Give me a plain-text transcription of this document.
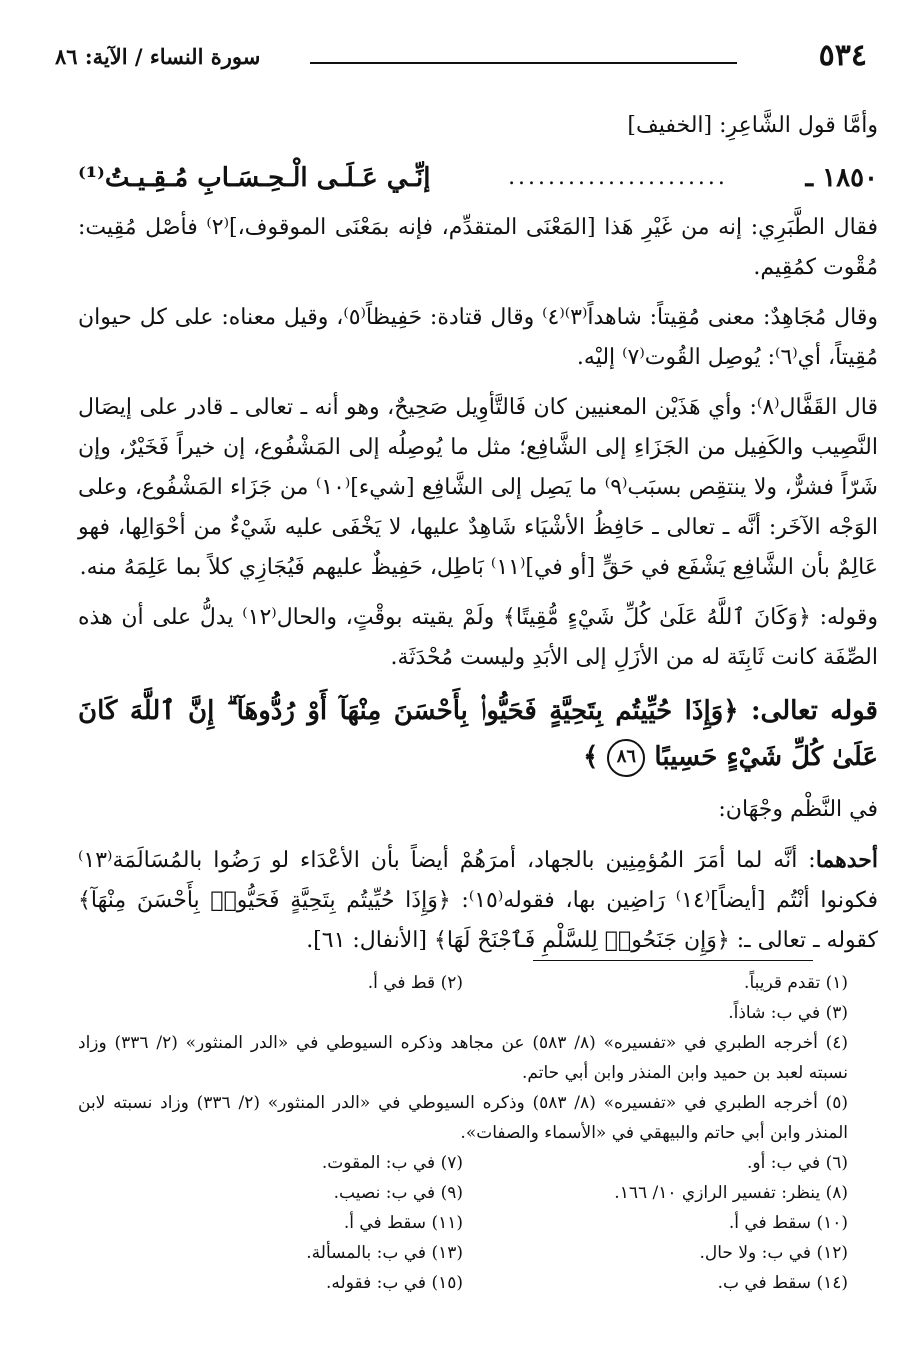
٥٣٤
سورة النساء / الآية: ٨٦

وأمَّا قول الشَّاعِرِ: [الخفيف]

١٨٥٠ ـ
......................
إنِّـي عَـلَـى الْـحِـسَـابِ مُـقِـيـتُ⁽¹⁾

فقال الطَّبَرِي: إنه من غَيْرِ هَذا [المَعْنَى المتقدِّم، فإنه بمَعْنَى الموقوف،]⁽٢⁾ فأصْل مُقِيت: مُقْوت كمُقِيم.

وقال مُجَاهِدٌ: معنى مُقِيتاً: شاهداً⁽٣⁾⁽٤⁾ وقال قتادة: حَفِيظاً⁽٥⁾، وقيل معناه: على كل حيوان مُقِيتاً، أي⁽٦⁾: يُوصِل القُوت⁽٧⁾ إليْه.

قال القَفَّال⁽٨⁾: وأي هَذَيْن المعنيين كان فَالتَّأوِيل صَحِيحٌ، وهو أنه ـ تعالى ـ قادر على إيصَال النَّصِيب والكَفِيل من الجَزَاءِ إلى الشَّافِع؛ مثل ما يُوصِلُه إلى المَشْفُوع، إن خيراً فَخَيْرٌ، وإن شَرّاً فشرٌّ، ولا ينتقِص بسبَب⁽٩⁾ ما يَصِل إلى الشَّافِع [شيء]⁽١٠⁾ من جَزَاء المَشْفُوع، وعلى الوَجْه الآخَر: أنَّه ـ تعالى ـ حَافِظُ الأشْيَاء شَاهِدٌ عليها، لا يَخْفَى عليه شَيْءٌ من أحْوَالِها، فهو عَالِمٌ بأن الشَّافِع يَشْفَع في حَقٍّ [أو في]⁽١١⁾ بَاطِل، حَفِيظٌ عليهم فَيُجَازِي كلاً بما عَلِمَهُ منه.

وقوله: ﴿وَكَانَ ٱللَّهُ عَلَىٰ كُلِّ شَيْءٍ مُّقِيتًا﴾ ولَمْ يقيته بوقْتٍ، والحال⁽١٢⁾ يدلُّ على أن هذه الصِّفَة كانت ثَابِتَة له من الأزَلِ إلى الأبَدِ وليست مُحْدَثَة.

قوله تعالى: ﴿وَإِذَا حُيِّيتُم بِتَحِيَّةٍ فَحَيُّوا۟ بِأَحْسَنَ مِنْهَآ أَوْ رُدُّوهَآ ۗ إِنَّ ٱللَّهَ كَانَ عَلَىٰ كُلِّ شَيْءٍ حَسِيبًا ٨٦ ﴾

في النَّظْم وجْهَان:

أحدهما: أنَّه لما أمَرَ المُؤمِنِين بالجهاد، أمرَهُمْ أيضاً بأن الأعْدَاء لو رَضُوا بالمُسَالَمَة⁽١٣⁾ فكونوا أنْتُم [أيضاً]⁽١٤⁾ رَاضِين بها، فقوله⁽١٥⁾: ﴿وَإِذَا حُيِّيتُم بِتَحِيَّةٍ فَحَيُّوا۟ بِأَحْسَنَ مِنْهَآ﴾ كقوله ـ تعالى ـ: ﴿وَإِن جَنَحُوا۟ لِلسَّلْمِ فَٱجْنَحْ لَهَا﴾ [الأنفال: ٦١].

(١) تقدم قريباً.
(٢) قط في أ.
(٣) في ب: شاذاً.
(٤) أخرجه الطبري في «تفسيره» (٨/ ٥٨٣) عن مجاهد وذكره السيوطي في «الدر المنثور» (٢/ ٣٣٦) وزاد نسبته لعبد بن حميد وابن المنذر وابن أبي حاتم.
(٥) أخرجه الطبري في «تفسيره» (٨/ ٥٨٣) وذكره السيوطي في «الدر المنثور» (٢/ ٣٣٦) وزاد نسبته لابن المنذر وابن أبي حاتم والبيهقي في «الأسماء والصفات».
(٦) في ب: أو.
(٧) في ب: المقوت.
(٨) ينظر: تفسير الرازي ١٠/ ١٦٦.
(٩) في ب: نصيب.
(١٠) سقط في أ.
(١١) سقط في أ.
(١٢) في ب: ولا حال.
(١٣) في ب: بالمسألة.
(١٤) سقط في ب.
(١٥) في ب: فقوله.
